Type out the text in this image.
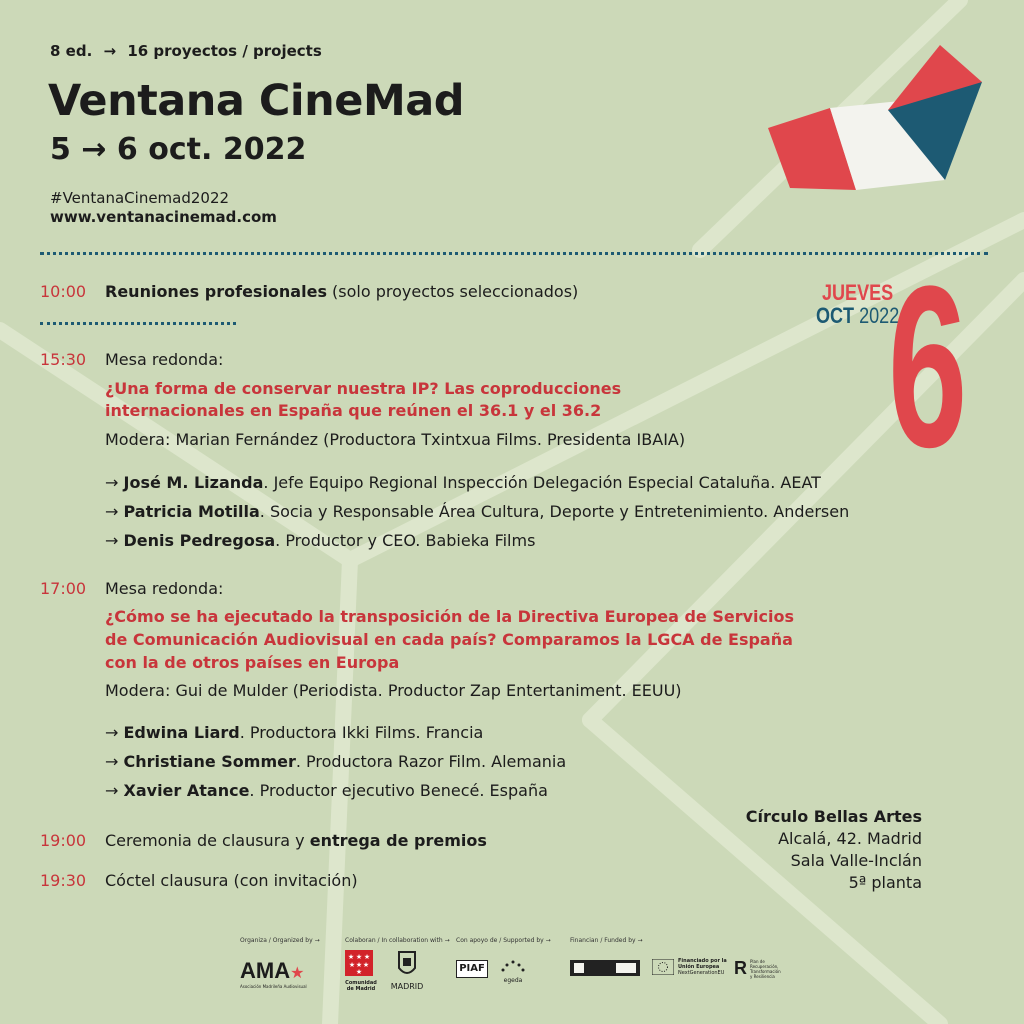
8 ed. → 16 proyectos / projects
Ventana CineMad
5 → 6 oct. 2022
#VentanaCinemad2022
www.ventanacinemad.com
JUEVES
OCT 2022
6
10:00 Reuniones profesionales (solo proyectos seleccionados)
15:30 Mesa redonda:
¿Una forma de conservar nuestra IP? Las coproducciones
internacionales en España que reúnen el 36.1 y el 36.2
Modera: Marian Fernández (Productora Txintxua Films. Presidenta IBAIA)
→ José M. Lizanda. Jefe Equipo Regional Inspección Delegación Especial Cataluña. AEAT
→ Patricia Motilla. Socia y Responsable Área Cultura, Deporte y Entretenimiento. Andersen
→ Denis Pedregosa. Productor y CEO. Babieka Films
17:00 Mesa redonda:
¿Cómo se ha ejecutado la transposición de la Directiva Europea de Servicios
de Comunicación Audiovisual en cada país? Comparamos la LGCA de España
con la de otros países en Europa
Modera: Gui de Mulder (Periodista. Productor Zap Entertaniment. EEUU)
→ Edwina Liard. Productora Ikki Films. Francia
→ Christiane Sommer. Productora Razor Film. Alemania
→ Xavier Atance. Productor ejecutivo Benecé. España
19:00 Ceremonia de clausura y entrega de premios
19:30 Cóctel clausura (con invitación)
Círculo Bellas Artes
Alcalá, 42. Madrid
Sala Valle-Inclán
5ª planta
Organiza / Organized by →	Colaboran / In collaboration with → Con apoyo de / Supported by →	Financian / Funded by →
AMA★
Asociación Madrileña Audiovisual
★ ★ ★
★ ★ ★
★
Comunidad de Madrid	MADRID
PIAF
egeda
Financiado por la Unión Europea
NextGenerationEU R Plan de Recuperación, Transformación y Resiliencia
